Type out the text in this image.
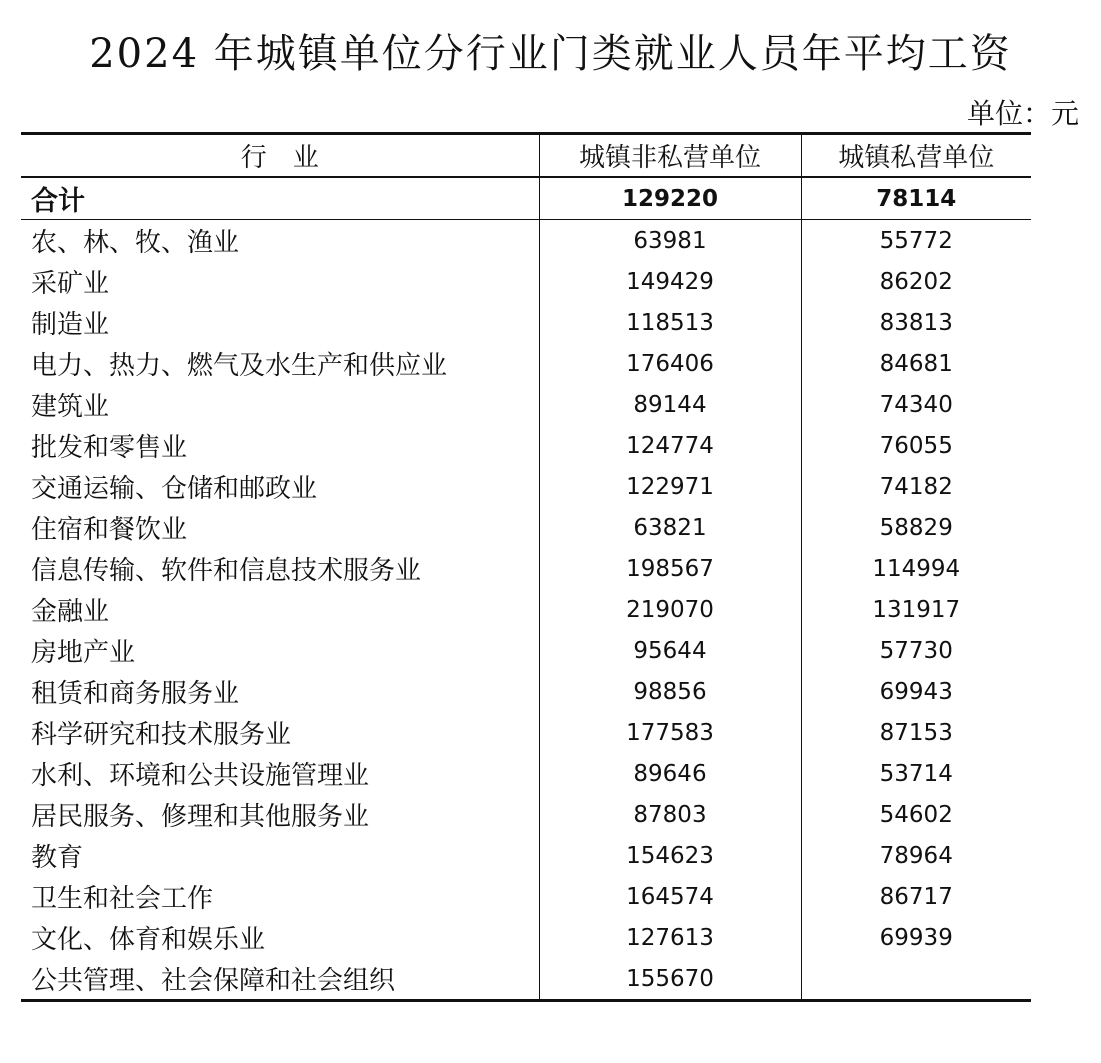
2024 年城镇单位分行业门类就业人员年平均工资
单位：元
行　业	城镇非私营单位	城镇私营单位
合计	129220	78114
农、林、牧、渔业	63981	55772
采矿业	149429	86202
制造业	118513	83813
电力、热力、燃气及水生产和供应业	176406	84681
建筑业	89144	74340
批发和零售业	124774	76055
交通运输、仓储和邮政业	122971	74182
住宿和餐饮业	63821	58829
信息传输、软件和信息技术服务业	198567	114994
金融业	219070	131917
房地产业	95644	57730
租赁和商务服务业	98856	69943
科学研究和技术服务业	177583	87153
水利、环境和公共设施管理业	89646	53714
居民服务、修理和其他服务业	87803	54602
教育	154623	78964
卫生和社会工作	164574	86717
文化、体育和娱乐业	127613	69939
公共管理、社会保障和社会组织	155670	
